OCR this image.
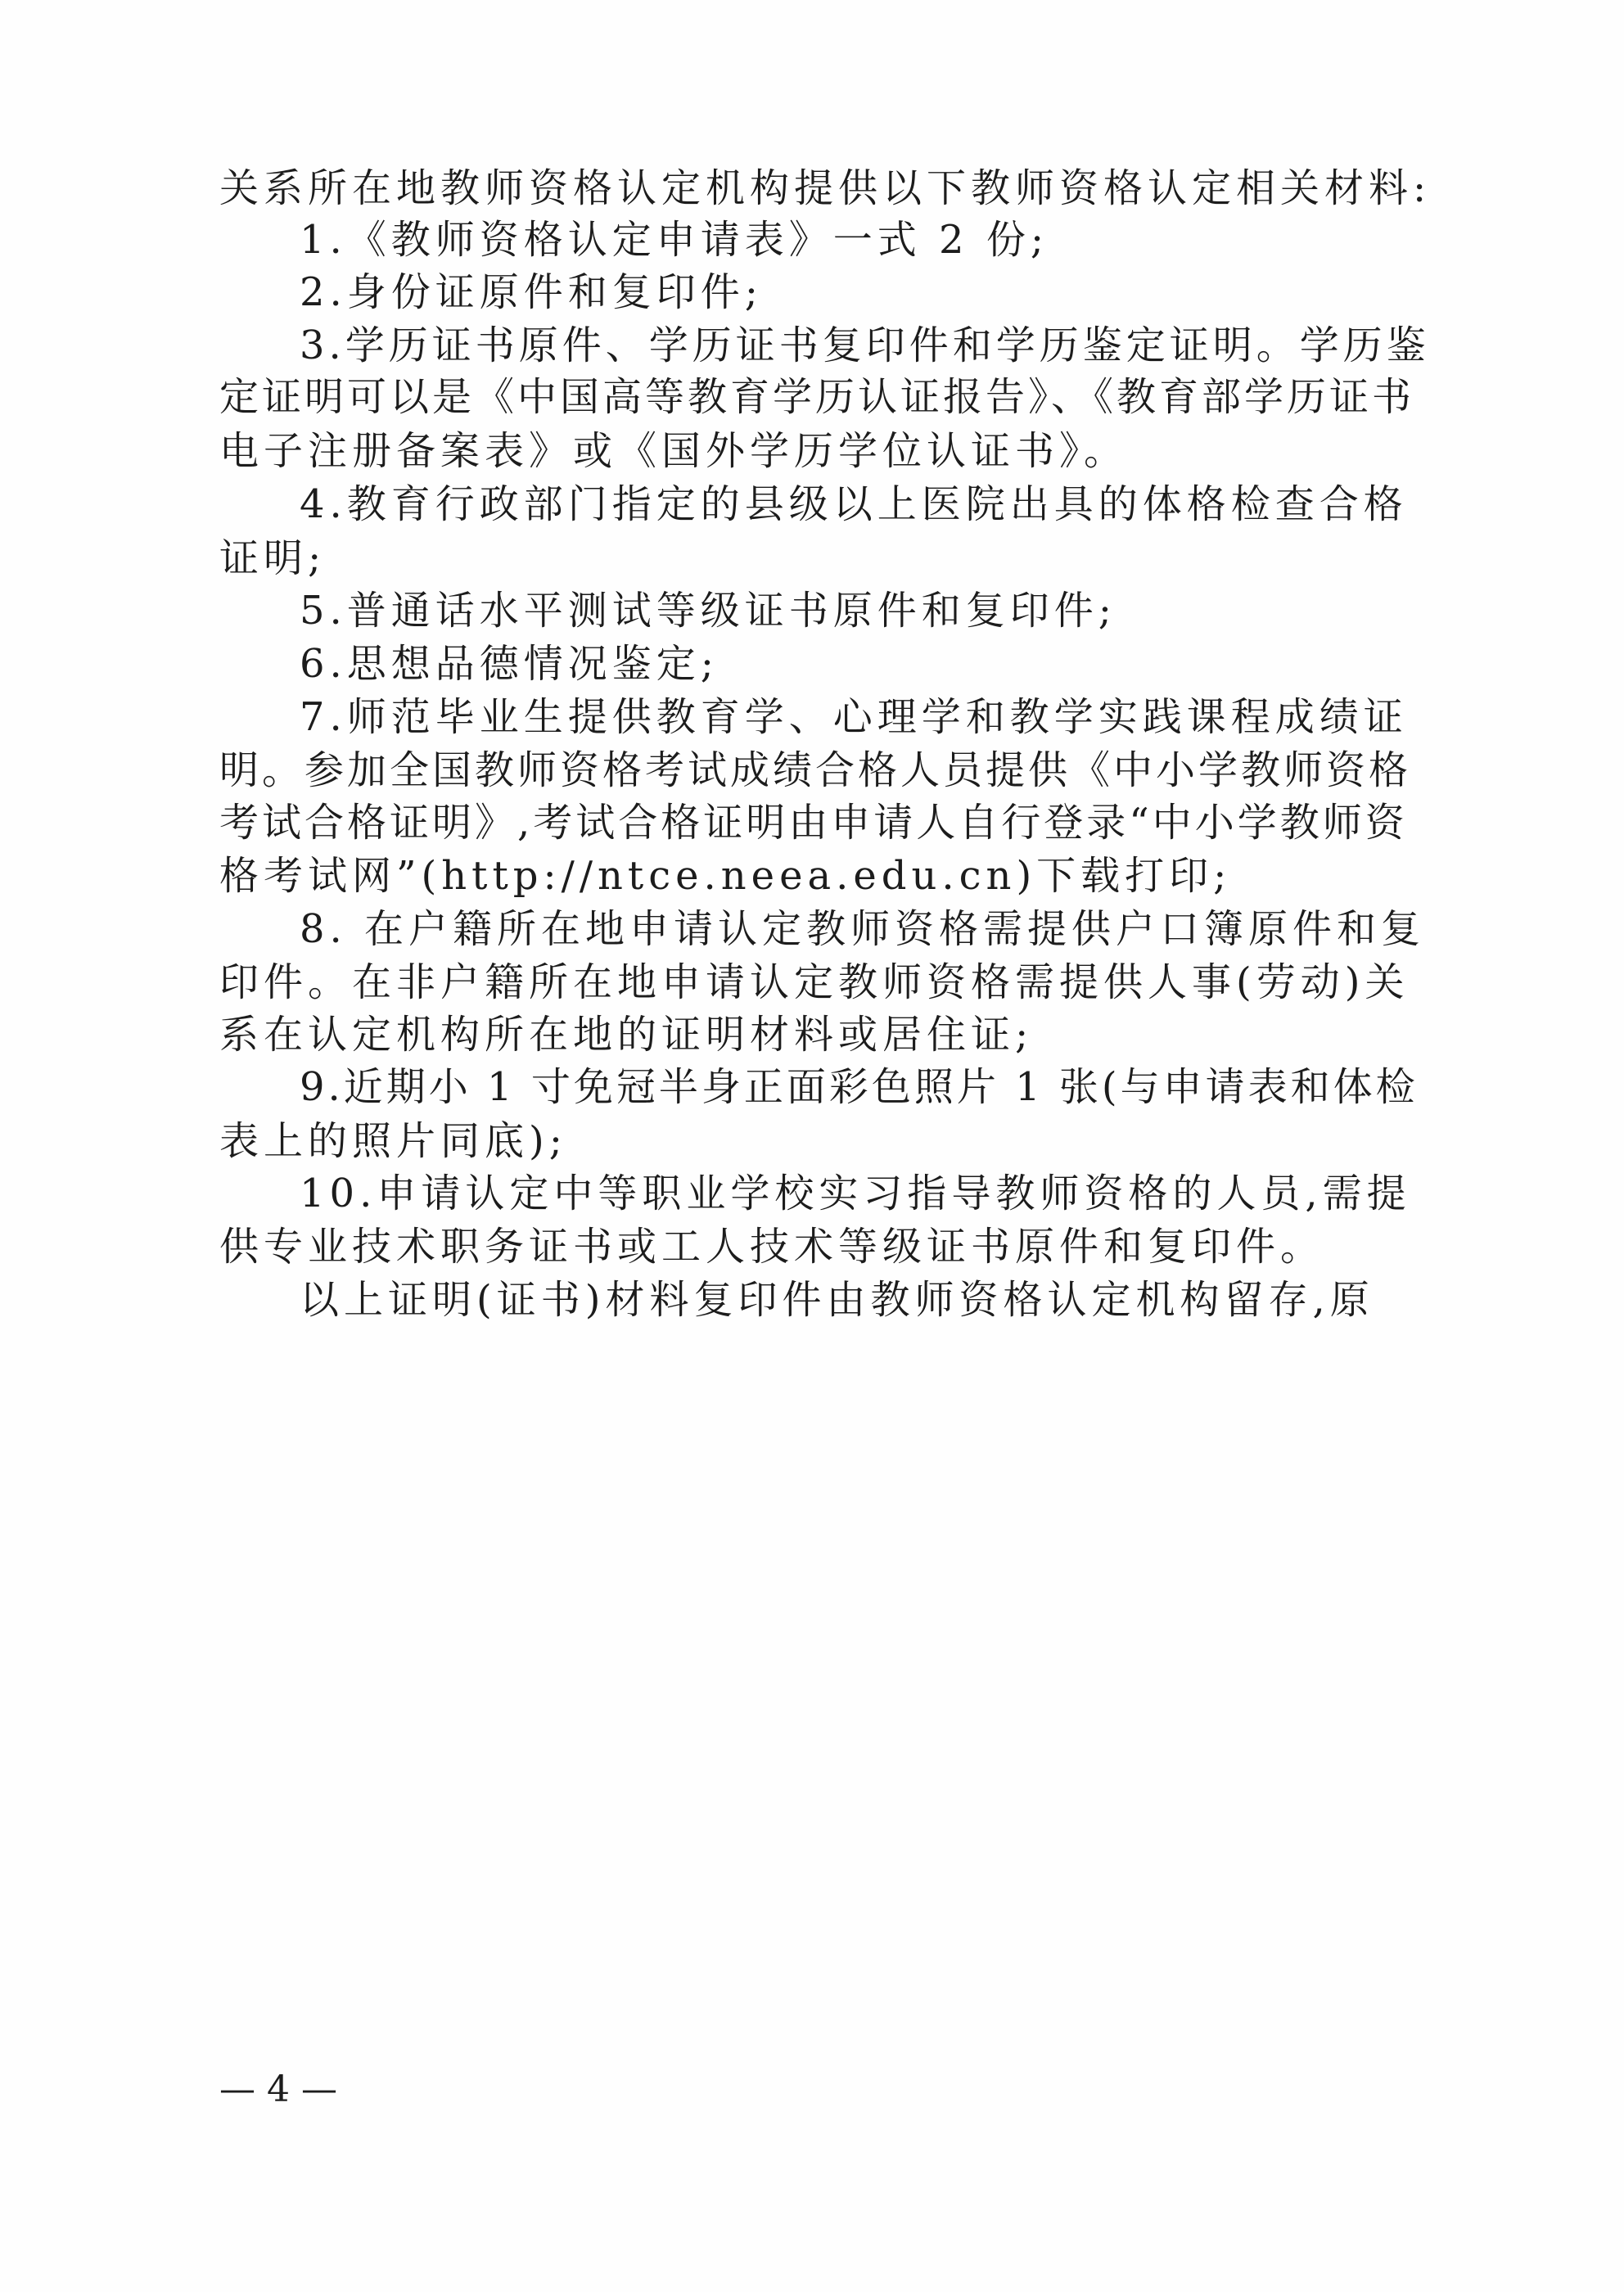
关系所在地教师资格认定机构提供以下教师资格认定相关材料:
1.《教师资格认定申请表》一式 2 份;
2.身份证原件和复印件;
3.学历证书原件、学历证书复印件和学历鉴定证明。学历鉴
定证明可以是《中国高等教育学历认证报告》、《教育部学历证书
电子注册备案表》或《国外学历学位认证书》。
4.教育行政部门指定的县级以上医院出具的体格检查合格
证明;
5.普通话水平测试等级证书原件和复印件;
6.思想品德情况鉴定;
7.师范毕业生提供教育学、心理学和教学实践课程成绩证
明。参加全国教师资格考试成绩合格人员提供《中小学教师资格
考试合格证明》,考试合格证明由申请人自行登录“中小学教师资
格考试网”(http://ntce.neea.edu.cn)下载打印;
8. 在户籍所在地申请认定教师资格需提供户口簿原件和复
印件。在非户籍所在地申请认定教师资格需提供人事(劳动)关
系在认定机构所在地的证明材料或居住证;
9.近期小 1 寸免冠半身正面彩色照片 1 张(与申请表和体检
表上的照片同底);
10.申请认定中等职业学校实习指导教师资格的人员,需提
供专业技术职务证书或工人技术等级证书原件和复印件。
以上证明(证书)材料复印件由教师资格认定机构留存,原
— 4 —
